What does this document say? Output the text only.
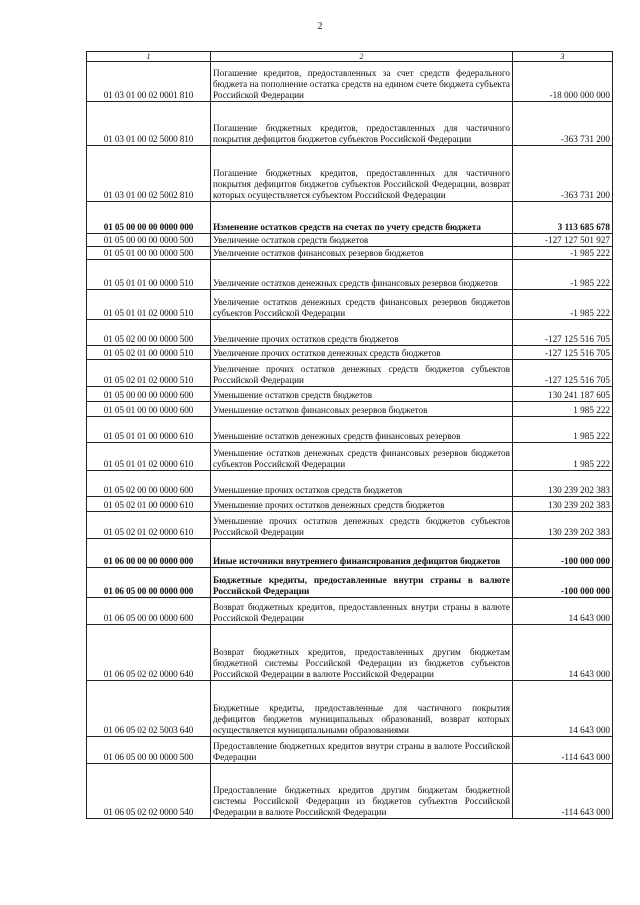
2
1	2	3
01 03 01 00 02 0001 810	Погашение кредитов, предоставленных за счет средств федерального бюджета на пополнение остатка средств на едином счете бюджета субъекта Российской Федерации	-18 000 000 000
01 03 01 00 02 5000 810	Погашение бюджетных кредитов, предоставленных для частичного покрытия дефицитов бюджетов субъектов Российской Федерации	-363 731 200
01 03 01 00 02 5002 810	Погашение бюджетных кредитов, предоставленных для частичного покрытия дефицитов бюджетов субъектов Российской Федерации, возврат которых осуществляется субъектом Российской Федерации	-363 731 200
01 05 00 00 00 0000 000	Изменение остатков средств на счетах по учету средств бюджета	3 113 685 678
01 05 00 00 00 0000 500	Увеличение остатков средств бюджетов	-127 127 501 927
01 05 01 00 00 0000 500	Увеличение остатков финансовых резервов бюджетов	-1 985 222
01 05 01 01 00 0000 510	Увеличение остатков денежных средств финансовых резервов бюджетов	-1 985 222
01 05 01 01 02 0000 510	Увеличение остатков денежных средств финансовых резервов бюджетов субъектов Российской Федерации	-1 985 222
01 05 02 00 00 0000 500	Увеличение прочих остатков средств бюджетов	-127 125 516 705
01 05 02 01 00 0000 510	Увеличение прочих остатков денежных средств бюджетов	-127 125 516 705
01 05 02 01 02 0000 510	Увеличение прочих остатков денежных средств бюджетов субъектов Российской Федерации	-127 125 516 705
01 05 00 00 00 0000 600	Уменьшение остатков средств бюджетов	130 241 187 605
01 05 01 00 00 0000 600	Уменьшение остатков финансовых резервов бюджетов	1 985 222
01 05 01 01 00 0000 610	Уменьшение остатков денежных средств финансовых резервов	1 985 222
01 05 01 01 02 0000 610	Уменьшение остатков денежных средств финансовых резервов бюджетов субъектов Российской Федерации	1 985 222
01 05 02 00 00 0000 600	Уменьшение прочих остатков средств бюджетов	130 239 202 383
01 05 02 01 00 0000 610	Уменьшение прочих остатков денежных средств бюджетов	130 239 202 383
01 05 02 01 02 0000 610	Уменьшение прочих остатков денежных средств бюджетов субъектов Российской Федерации	130 239 202 383
01 06 00 00 00 0000 000	Иные источники внутреннего финансирования дефицитов бюджетов	-100 000 000
01 06 05 00 00 0000 000	Бюджетные кредиты, предоставленные внутри страны в валюте Российской Федерации	-100 000 000
01 06 05 00 00 0000 600	Возврат бюджетных кредитов, предоставленных внутри страны в валюте Российской Федерации	14 643 000
01 06 05 02 02 0000 640	Возврат бюджетных кредитов, предоставленных другим бюджетам бюджетной системы Российской Федерации из бюджетов субъектов Российской Федерации в валюте Российской Федерации	14 643 000
01 06 05 02 02 5003 640	Бюджетные кредиты, предоставленные для частичного покрытия дефицитов бюджетов муниципальных образований, возврат которых осуществляется муниципальными образованиями	14 643 000
01 06 05 00 00 0000 500	Предоставление бюджетных кредитов внутри страны в валюте Российской Федерации	-114 643 000
01 06 05 02 02 0000 540	Предоставление бюджетных кредитов другим бюджетам бюджетной системы Российской Федерации из бюджетов субъектов Российской Федерации в валюте Российской Федерации	-114 643 000
